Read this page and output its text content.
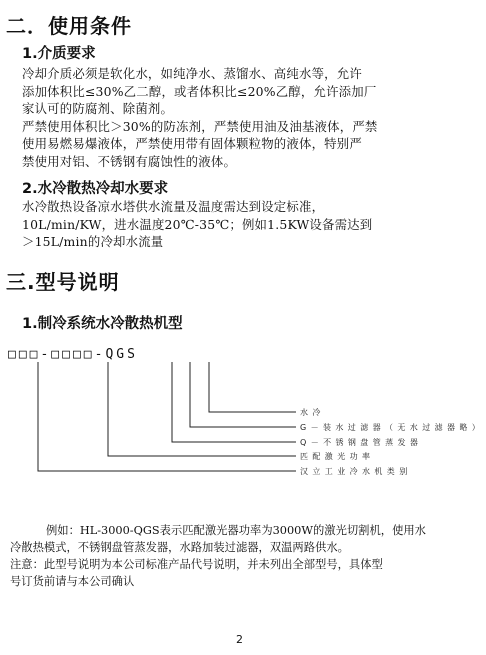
二．使用条件
1.介质要求
冷却介质必须是软化水，如纯净水、蒸馏水、高纯水等，允许
添加体积比≤30%乙二醇，或者体积比≤20%乙醇，允许添加厂
家认可的防腐剂、除菌剂。
严禁使用体积比＞30%的防冻剂，严禁使用油及油基液体，严禁
使用易燃易爆液体，严禁使用带有固体颗粒物的液体，特别严
禁使用对铝、不锈钢有腐蚀性的液体。
2.水冷散热冷却水要求
水冷散热设备凉水塔供水流量及温度需达到设定标准，
10L/min/KW，进水温度20℃-35℃；例如1.5KW设备需达到
＞15L/min的冷却水流量
三.型号说明
1.制冷系统水冷散热机型
□□□-□□□□-QGS
水冷
G－装水过滤器（无水过滤器略）
Q－不锈钢盘管蒸发器
匹配激光功率
汉立工业冷水机类别
例如：HL-3000-QGS表示匹配激光器功率为3000W的激光切割机，使用水
冷散热模式，不锈钢盘管蒸发器，水路加装过滤器，双温两路供水。
注意：此型号说明为本公司标准产品代号说明，并未列出全部型号，具体型
号订货前请与本公司确认
2
